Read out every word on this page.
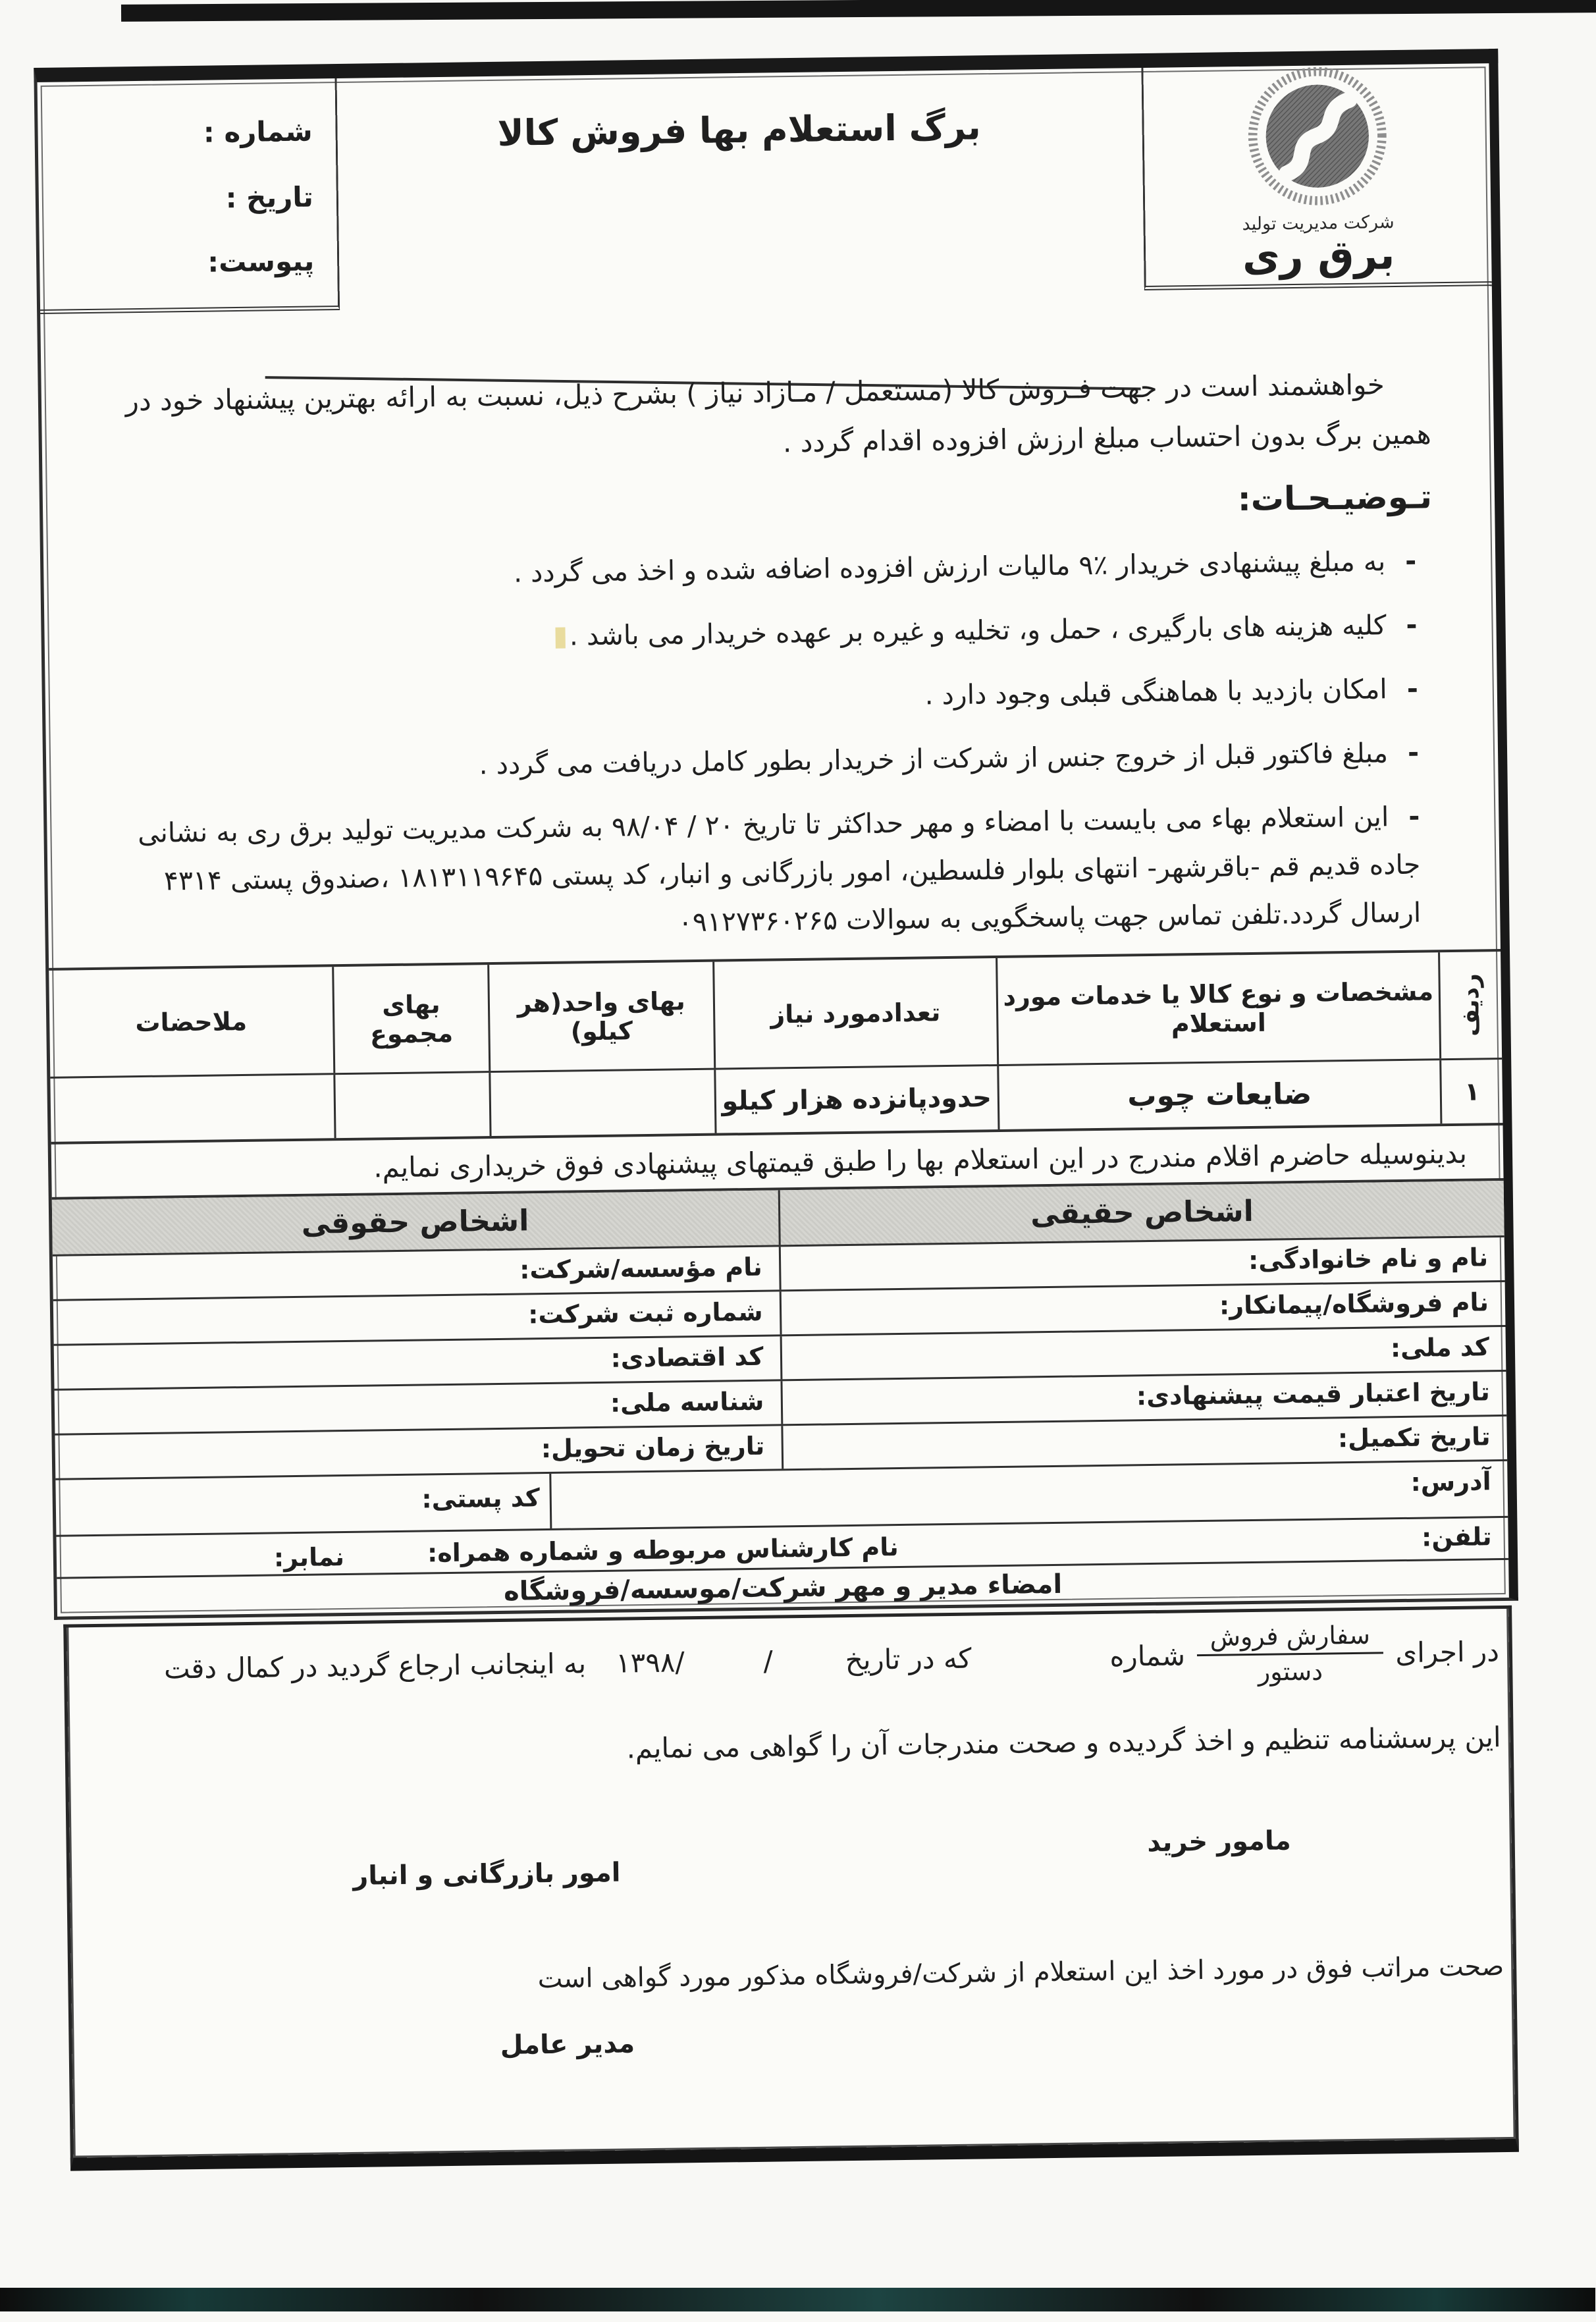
شماره :
تاریخ :
پیوست:
شرکت مدیریت تولید
برق ری
برگ استعلام بها فروش کالا
خواهشمند است در جهت فـروش کالا (مستعمل / مـازاد نیاز ) بشرح ذیل، نسبت به ارائه بهترین پیشنهاد خود در همین برگ بدون احتساب مبلغ ارزش افزوده اقدام گردد .
تـوضیـحـات:
-به مبلغ پیشنهادی خریدار ٪۹ مالیات ارزش افزوده اضافه شده و اخذ می گردد .
-کلیه هزینه های بارگیری ، حمل و، تخلیه و غیره بر عهده خریدار می باشد .
-امکان بازدید با هماهنگی قبلی وجود دارد .
-مبلغ فاکتور قبل از خروج جنس از شرکت از خریدار بطور کامل دریافت می گردد .
-این استعلام بهاء می بایست با امضاء و مهر حداکثر تا تاریخ ۲۰ / ۹۸/۰۴ به شرکت مدیریت تولید برق ری به نشانی جاده قدیم قم -باقرشهر- انتهای بلوار فلسطین، امور بازرگانی و انبار، کد پستی ۱۸۱۳۱۱۹۶۴۵ ،صندوق پستی ۴۳۱۴ ارسال گردد.تلفن تماس جهت پاسخگویی به سوالات ۰۹۱۲۷۳۶۰۲۶۵
ردیف
مشخصات و نوع کالا یا خدمات مورد استعلام
تعدادمورد نیاز
بهای واحد(هر کیلو)
بهای مجموع
ملاحضات
۱
ضایعات چوب
حدودپانزده هزار کیلو
بدینوسیله حاضرم اقلام مندرج در این استعلام بها را طبق قیمتهای پیشنهادی فوق خریداری نمایم.
اشخاص حقیقی
اشخاص حقوقی
نام و نام خانوادگی:
نام مؤسسه/شرکت:
نام فروشگاه/پیمانکار:
شماره ثبت شرکت:
کد ملی:
کد اقتصادی:
تاریخ اعتبار قیمت پیشنهادی:
شناسه ملی:
تاریخ تکمیل:
تاریخ زمان تحویل:
آدرس:
کد پستی:
تلفن:
نام کارشناس مربوطه و شماره همراه:
نمابر:
امضاء مدیر و مهر شرکت/موسسه/فروشگاه
در اجرای
سفارش فروش
دستور
شماره
که در تاریخ
/
/۱۳۹۸
به اینجانب ارجاع گردید در کمال دقت
این پرسشنامه تنظیم و اخذ گردیده و صحت مندرجات آن را گواهی می نمایم.
مامور خرید
امور بازرگانی و انبار
صحت مراتب فوق در مورد اخذ این استعلام از شرکت/فروشگاه مذکور مورد گواهی است
مدیر عامل
